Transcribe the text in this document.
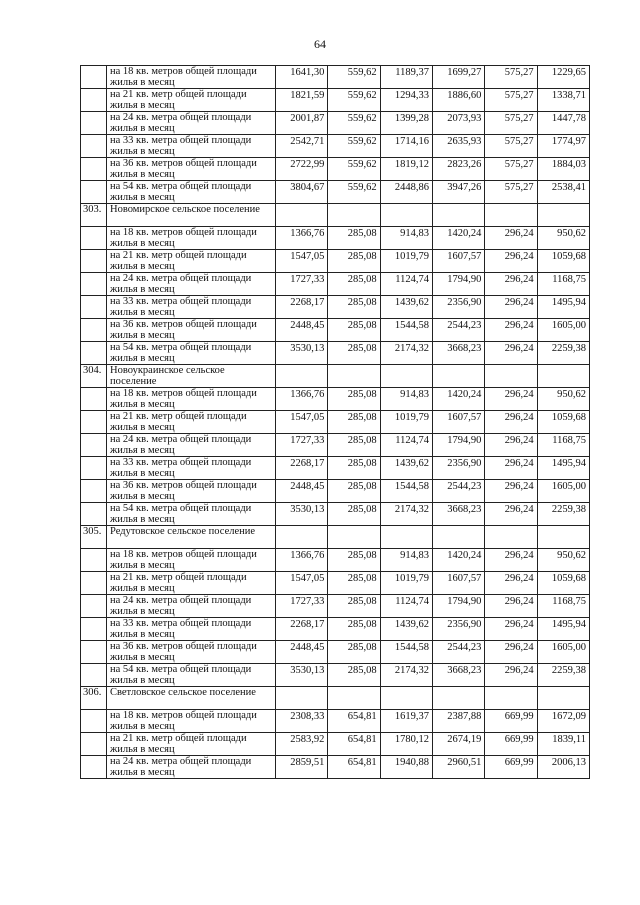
64
	на 18 кв. метров общей площади жилья в месяц	1641,30	559,62	1189,37	1699,27	575,27	1229,65
	на 21 кв. метр общей площади жилья в месяц	1821,59	559,62	1294,33	1886,60	575,27	1338,71
	на 24 кв. метра общей площади жилья в месяц	2001,87	559,62	1399,28	2073,93	575,27	1447,78
	на 33 кв. метра общей площади жилья в месяц	2542,71	559,62	1714,16	2635,93	575,27	1774,97
	на 36 кв. метров общей площади жилья в месяц	2722,99	559,62	1819,12	2823,26	575,27	1884,03
	на 54 кв. метра общей площади жилья в месяц	3804,67	559,62	2448,86	3947,26	575,27	2538,41
303.	Новомирское сельское поселение						
	на 18 кв. метров общей площади жилья в месяц	1366,76	285,08	914,83	1420,24	296,24	950,62
	на 21 кв. метр общей площади жилья в месяц	1547,05	285,08	1019,79	1607,57	296,24	1059,68
	на 24 кв. метра общей площади жилья в месяц	1727,33	285,08	1124,74	1794,90	296,24	1168,75
	на 33 кв. метра общей площади жилья в месяц	2268,17	285,08	1439,62	2356,90	296,24	1495,94
	на 36 кв. метров общей площади жилья в месяц	2448,45	285,08	1544,58	2544,23	296,24	1605,00
	на 54 кв. метра общей площади жилья в месяц	3530,13	285,08	2174,32	3668,23	296,24	2259,38
304.	Новоукраинское сельское поселение						
	на 18 кв. метров общей площади жилья в месяц	1366,76	285,08	914,83	1420,24	296,24	950,62
	на 21 кв. метр общей площади жилья в месяц	1547,05	285,08	1019,79	1607,57	296,24	1059,68
	на 24 кв. метра общей площади жилья в месяц	1727,33	285,08	1124,74	1794,90	296,24	1168,75
	на 33 кв. метра общей площади жилья в месяц	2268,17	285,08	1439,62	2356,90	296,24	1495,94
	на 36 кв. метров общей площади жилья в месяц	2448,45	285,08	1544,58	2544,23	296,24	1605,00
	на 54 кв. метра общей площади жилья в месяц	3530,13	285,08	2174,32	3668,23	296,24	2259,38
305.	Редутовское сельское поселение						
	на 18 кв. метров общей площади жилья в месяц	1366,76	285,08	914,83	1420,24	296,24	950,62
	на 21 кв. метр общей площади жилья в месяц	1547,05	285,08	1019,79	1607,57	296,24	1059,68
	на 24 кв. метра общей площади жилья в месяц	1727,33	285,08	1124,74	1794,90	296,24	1168,75
	на 33 кв. метра общей площади жилья в месяц	2268,17	285,08	1439,62	2356,90	296,24	1495,94
	на 36 кв. метров общей площади жилья в месяц	2448,45	285,08	1544,58	2544,23	296,24	1605,00
	на 54 кв. метра общей площади жилья в месяц	3530,13	285,08	2174,32	3668,23	296,24	2259,38
306.	Светловское сельское поселение						
	на 18 кв. метров общей площади жилья в месяц	2308,33	654,81	1619,37	2387,88	669,99	1672,09
	на 21 кв. метр общей площади жилья в месяц	2583,92	654,81	1780,12	2674,19	669,99	1839,11
	на 24 кв. метра общей площади жилья в месяц	2859,51	654,81	1940,88	2960,51	669,99	2006,13
